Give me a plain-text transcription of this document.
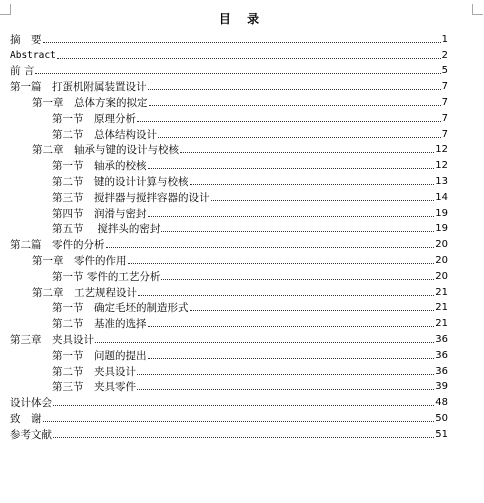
目 录
摘　要	1
Abstract	2
前 言	5
第一篇　打蛋机附属装置设计	7
第一章　总体方案的拟定	7
第一节　原理分析	7
第二节　总体结构设计	7
第二章　轴承与键的设计与校核	12
第一节　轴承的校核	12
第二节　键的设计计算与校核	13
第三节　搅拌器与搅拌容器的设计	14
第四节　润滑与密封	19
第五节　 搅拌头的密封	19
第二篇　零件的分析	20
第一章　零件的作用	20
第一节 零件的工艺分析	20
第二章　工艺规程设计	21
第一节　确定毛坯的制造形式	21
第二节　基准的选择	21
第三章　夹具设计	36
第一节　问题的提出	36
第二节　夹具设计	36
第三节　夹具零件	39
设计体会	48
致　谢	50
参考文献	51
